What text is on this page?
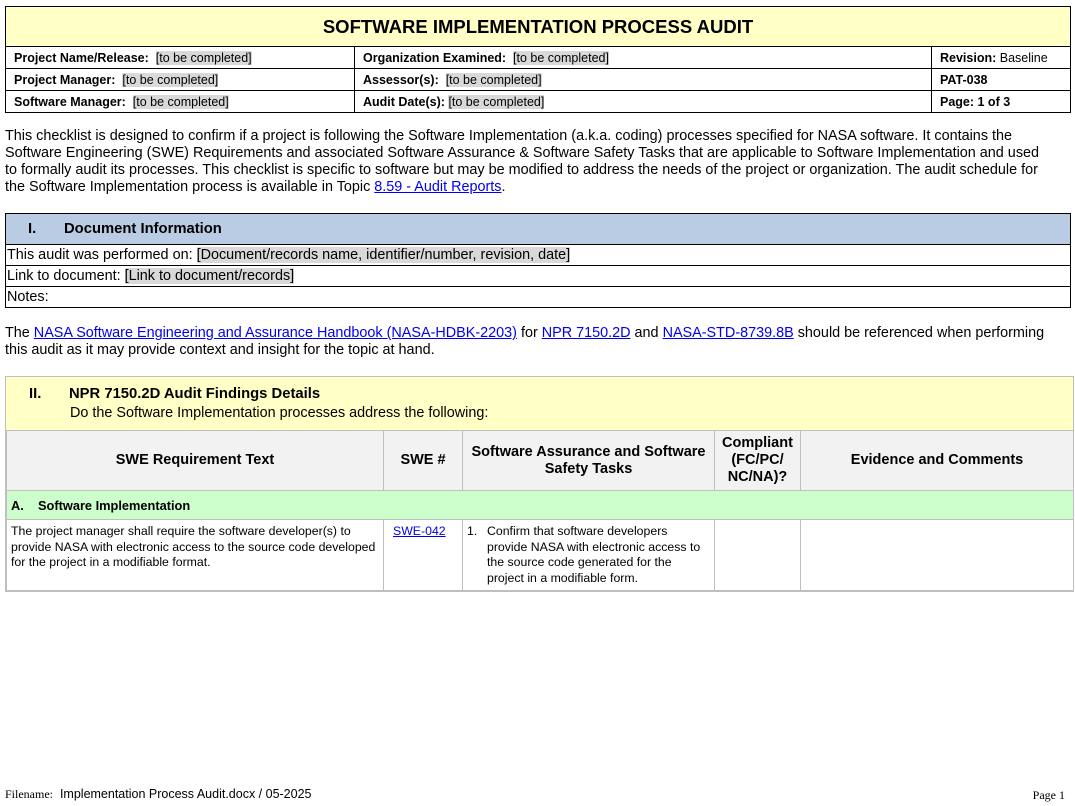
SOFTWARE IMPLEMENTATION PROCESS AUDIT		
Project Name/Release: [to be completed]	Organization Examined: [to be completed]	Revision: Baseline
Project Manager: [to be completed]	Assessor(s): [to be completed]	PAT-038
Software Manager: [to be completed]	Audit Date(s): [to be completed]	Page: 1 of 3
This checklist is designed to confirm if a project is following the Software Implementation (a.k.a. coding) processes specified for NASA software. It contains the Software Engineering (SWE) Requirements and associated Software Assurance & Software Safety Tasks that are applicable to Software Implementation and used to formally audit its processes. This checklist is specific to software but may be modified to address the needs of the project or organization. The audit schedule for the Software Implementation process is available in Topic 8.59 - Audit Reports.
I. Document Information
This audit was performed on: [Document/records name, identifier/number, revision, date]
Link to document: [Link to document/records]
Notes:
The NASA Software Engineering and Assurance Handbook (NASA-HDBK-2203) for NPR 7150.2D and NASA-STD-8739.8B should be referenced when performing this audit as it may provide context and insight for the topic at hand.
II. NPR 7150.2D Audit Findings Details
Do the Software Implementation processes address the following:
SWE Requirement Text	SWE #	Software Assurance and Software Safety Tasks	Compliant (FC/PC/ NC/NA)?	Evidence and Comments
A. Software Implementation				
The project manager shall require the software developer(s) to provide NASA with electronic access to the source code developed for the project in a modifiable format.	SWE-042	1. Confirm that software developers provide NASA with electronic access to the source code generated for the project in a modifiable form.		
Filename: Implementation Process Audit.docx / 05-2025	Page 1
